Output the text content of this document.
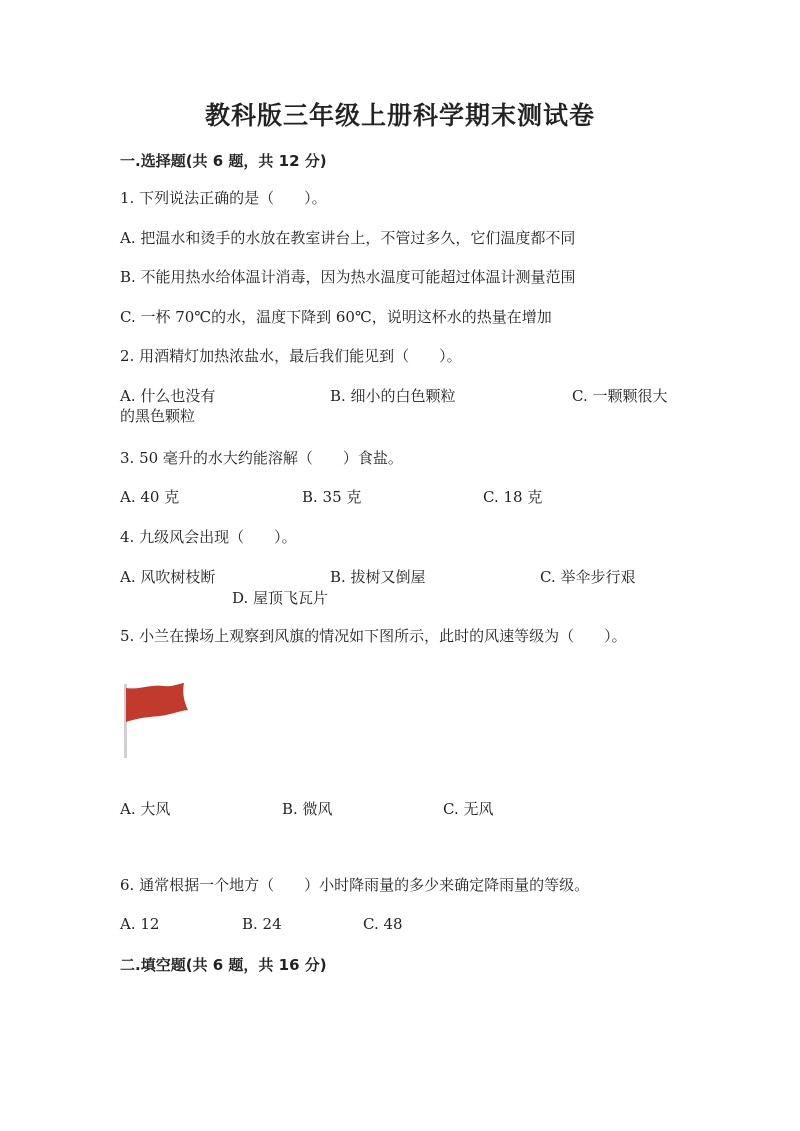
教科版三年级上册科学期末测试卷
一.选择题(共 6 题，共 12 分)
1. 下列说法正确的是（　　）。
A. 把温水和烫手的水放在教室讲台上，不管过多久，它们温度都不同
B. 不能用热水给体温计消毒，因为热水温度可能超过体温计测量范围
C. 一杯 70℃的水，温度下降到 60℃，说明这杯水的热量在增加
2. 用酒精灯加热浓盐水，最后我们能见到（　　）。
A. 什么也没有	B. 细小的白色颗粒	C. 一颗颗很大
的黑色颗粒
3. 50 毫升的水大约能溶解（　　）食盐。
A. 40 克	B. 35 克	C. 18 克
4. 九级风会出现（　　）。
A. 风吹树枝断	B. 拔树又倒屋	C. 举伞步行艰
D. 屋顶飞瓦片
5. 小兰在操场上观察到风旗的情况如下图所示，此时的风速等级为（　　）。
A. 大风	B. 微风	C. 无风
6. 通常根据一个地方（　　）小时降雨量的多少来确定降雨量的等级。
A. 12	B. 24	C. 48
二.填空题(共 6 题，共 16 分)
